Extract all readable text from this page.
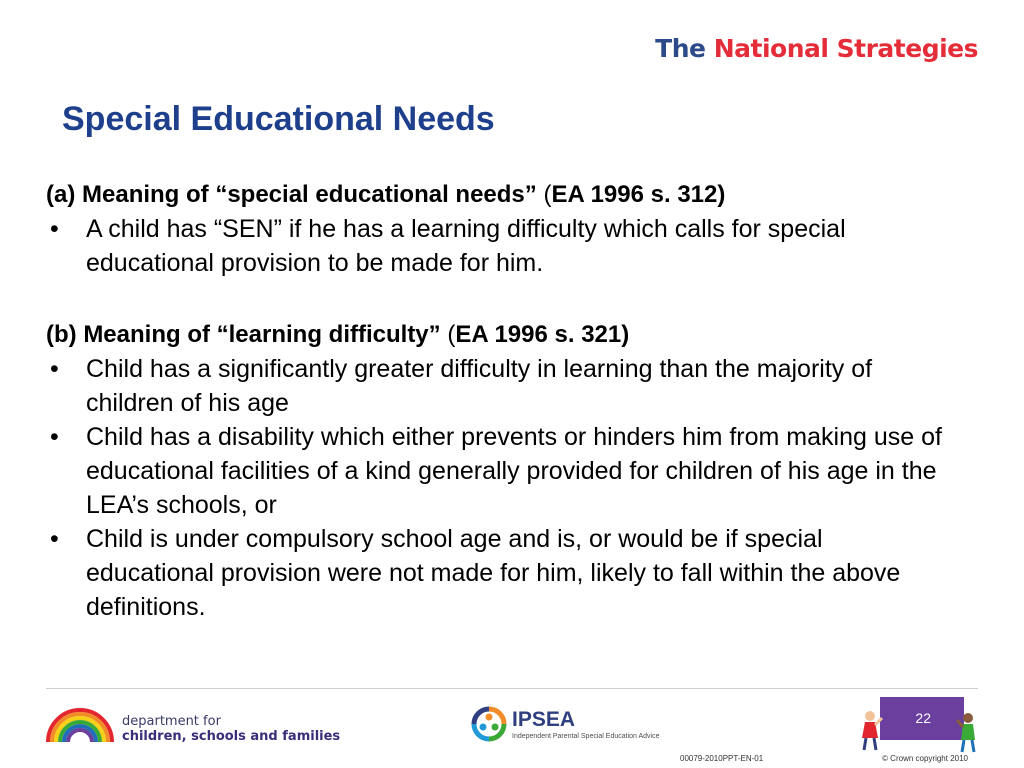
The National Strategies
Special Educational Needs

(a) Meaning of “special educational needs” (EA 1996 s. 312)

• A child has “SEN” if he has a learning difficulty which calls for special educational provision to be made for him.

(b) Meaning of “learning difficulty” (EA 1996 s. 321)

• Child has a significantly greater difficulty in learning than the majority of children of his age
• Child has a disability which either prevents or hinders him from making use of educational facilities of a kind generally provided for children of his age in the LEA’s schools, or
• Child is under compulsory school age and is, or would be if special educational provision were not made for him, likely to fall within the above definitions.
department for
children, schools and families
IPSEA
Independent Parental Special Education Advice
22
00079-2010PPT-EN-01	© Crown copyright 2010
